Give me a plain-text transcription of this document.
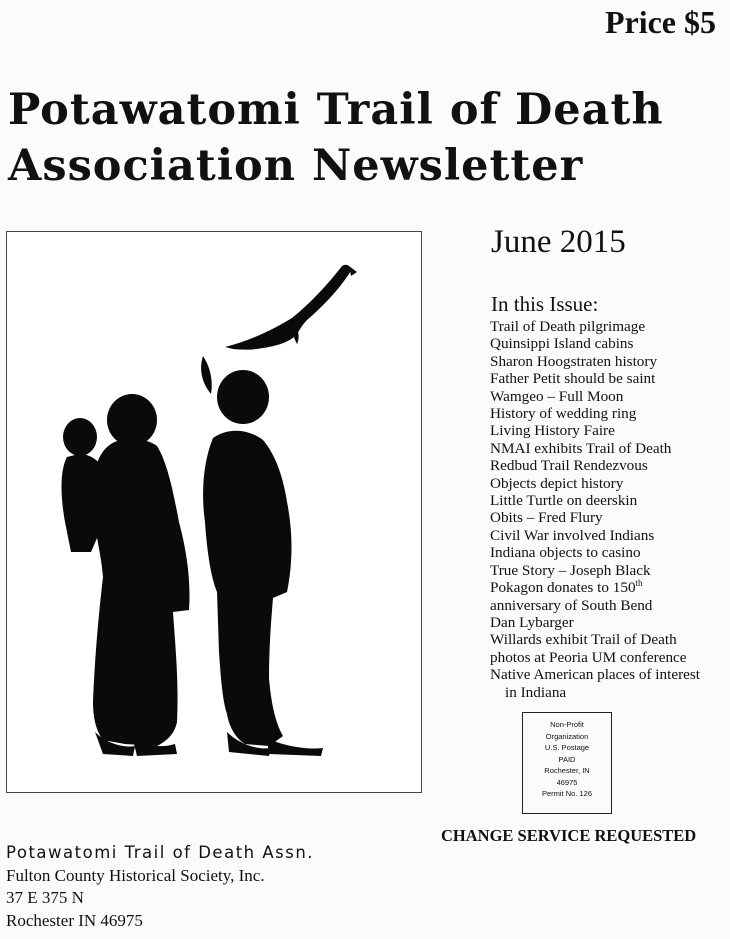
Price $5
Potawatomi Trail of Death
Association Newsletter
June 2015
In this Issue:
Trail of Death pilgrimage
Quinsippi Island cabins
Sharon Hoogstraten history
Father Petit should be saint
Wamgeo – Full Moon
History of wedding ring
Living History Faire
NMAI exhibits Trail of Death
Redbud Trail Rendezvous
Objects depict history
Little Turtle on deerskin
Obits – Fred Flury
Civil War involved Indians
Indiana objects to casino
True Story – Joseph Black
Pokagon donates to 150th
anniversary of South Bend
Dan Lybarger
Willards exhibit Trail of Death
photos at Peoria UM conference
Native American places of interest
in Indiana
Non-Profit
Organization
U.S. Postage
PAID
Rochester, IN
46975
Permit No. 126
CHANGE SERVICE REQUESTED
Potawatomi Trail of Death Assn.
Fulton County Historical Society, Inc.
37 E 375 N
Rochester IN 46975
